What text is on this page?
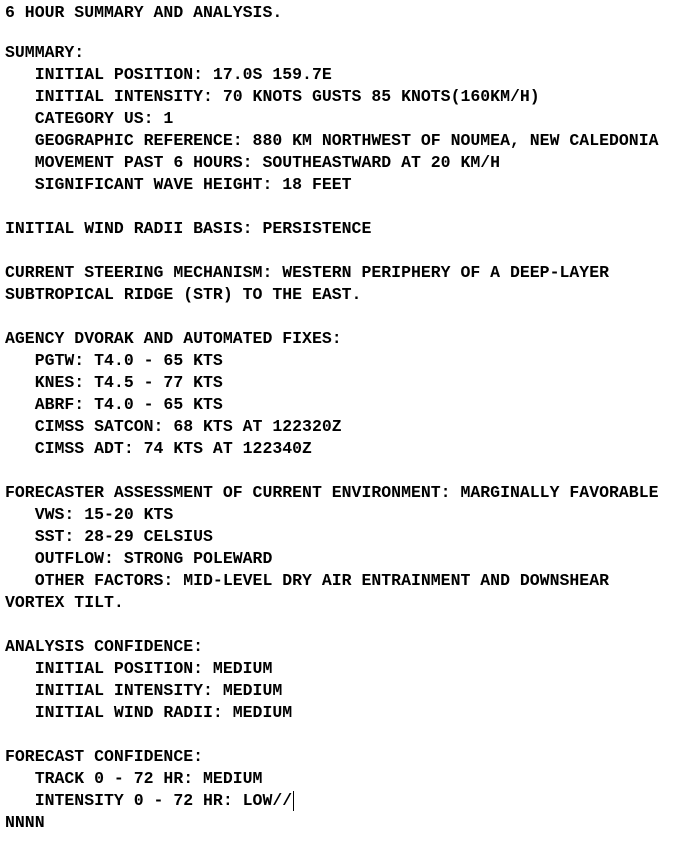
6 HOUR SUMMARY AND ANALYSIS.
SUMMARY:
INITIAL POSITION: 17.0S 159.7E
INITIAL INTENSITY: 70 KNOTS GUSTS 85 KNOTS(160KM/H)
CATEGORY US: 1
GEOGRAPHIC REFERENCE: 880 KM NORTHWEST OF NOUMEA, NEW CALEDONIA
MOVEMENT PAST 6 HOURS: SOUTHEASTWARD AT 20 KM/H
SIGNIFICANT WAVE HEIGHT: 18 FEET
INITIAL WIND RADII BASIS: PERSISTENCE
CURRENT STEERING MECHANISM: WESTERN PERIPHERY OF A DEEP-LAYER
SUBTROPICAL RIDGE (STR) TO THE EAST.
AGENCY DVORAK AND AUTOMATED FIXES:
PGTW: T4.0 - 65 KTS
KNES: T4.5 - 77 KTS
ABRF: T4.0 - 65 KTS
CIMSS SATCON: 68 KTS AT 122320Z
CIMSS ADT: 74 KTS AT 122340Z
FORECASTER ASSESSMENT OF CURRENT ENVIRONMENT: MARGINALLY FAVORABLE
VWS: 15-20 KTS
SST: 28-29 CELSIUS
OUTFLOW: STRONG POLEWARD
OTHER FACTORS: MID-LEVEL DRY AIR ENTRAINMENT AND DOWNSHEAR
VORTEX TILT.
ANALYSIS CONFIDENCE:
INITIAL POSITION: MEDIUM
INITIAL INTENSITY: MEDIUM
INITIAL WIND RADII: MEDIUM
FORECAST CONFIDENCE:
TRACK 0 - 72 HR: MEDIUM
INTENSITY 0 - 72 HR: LOW//
NNNN
